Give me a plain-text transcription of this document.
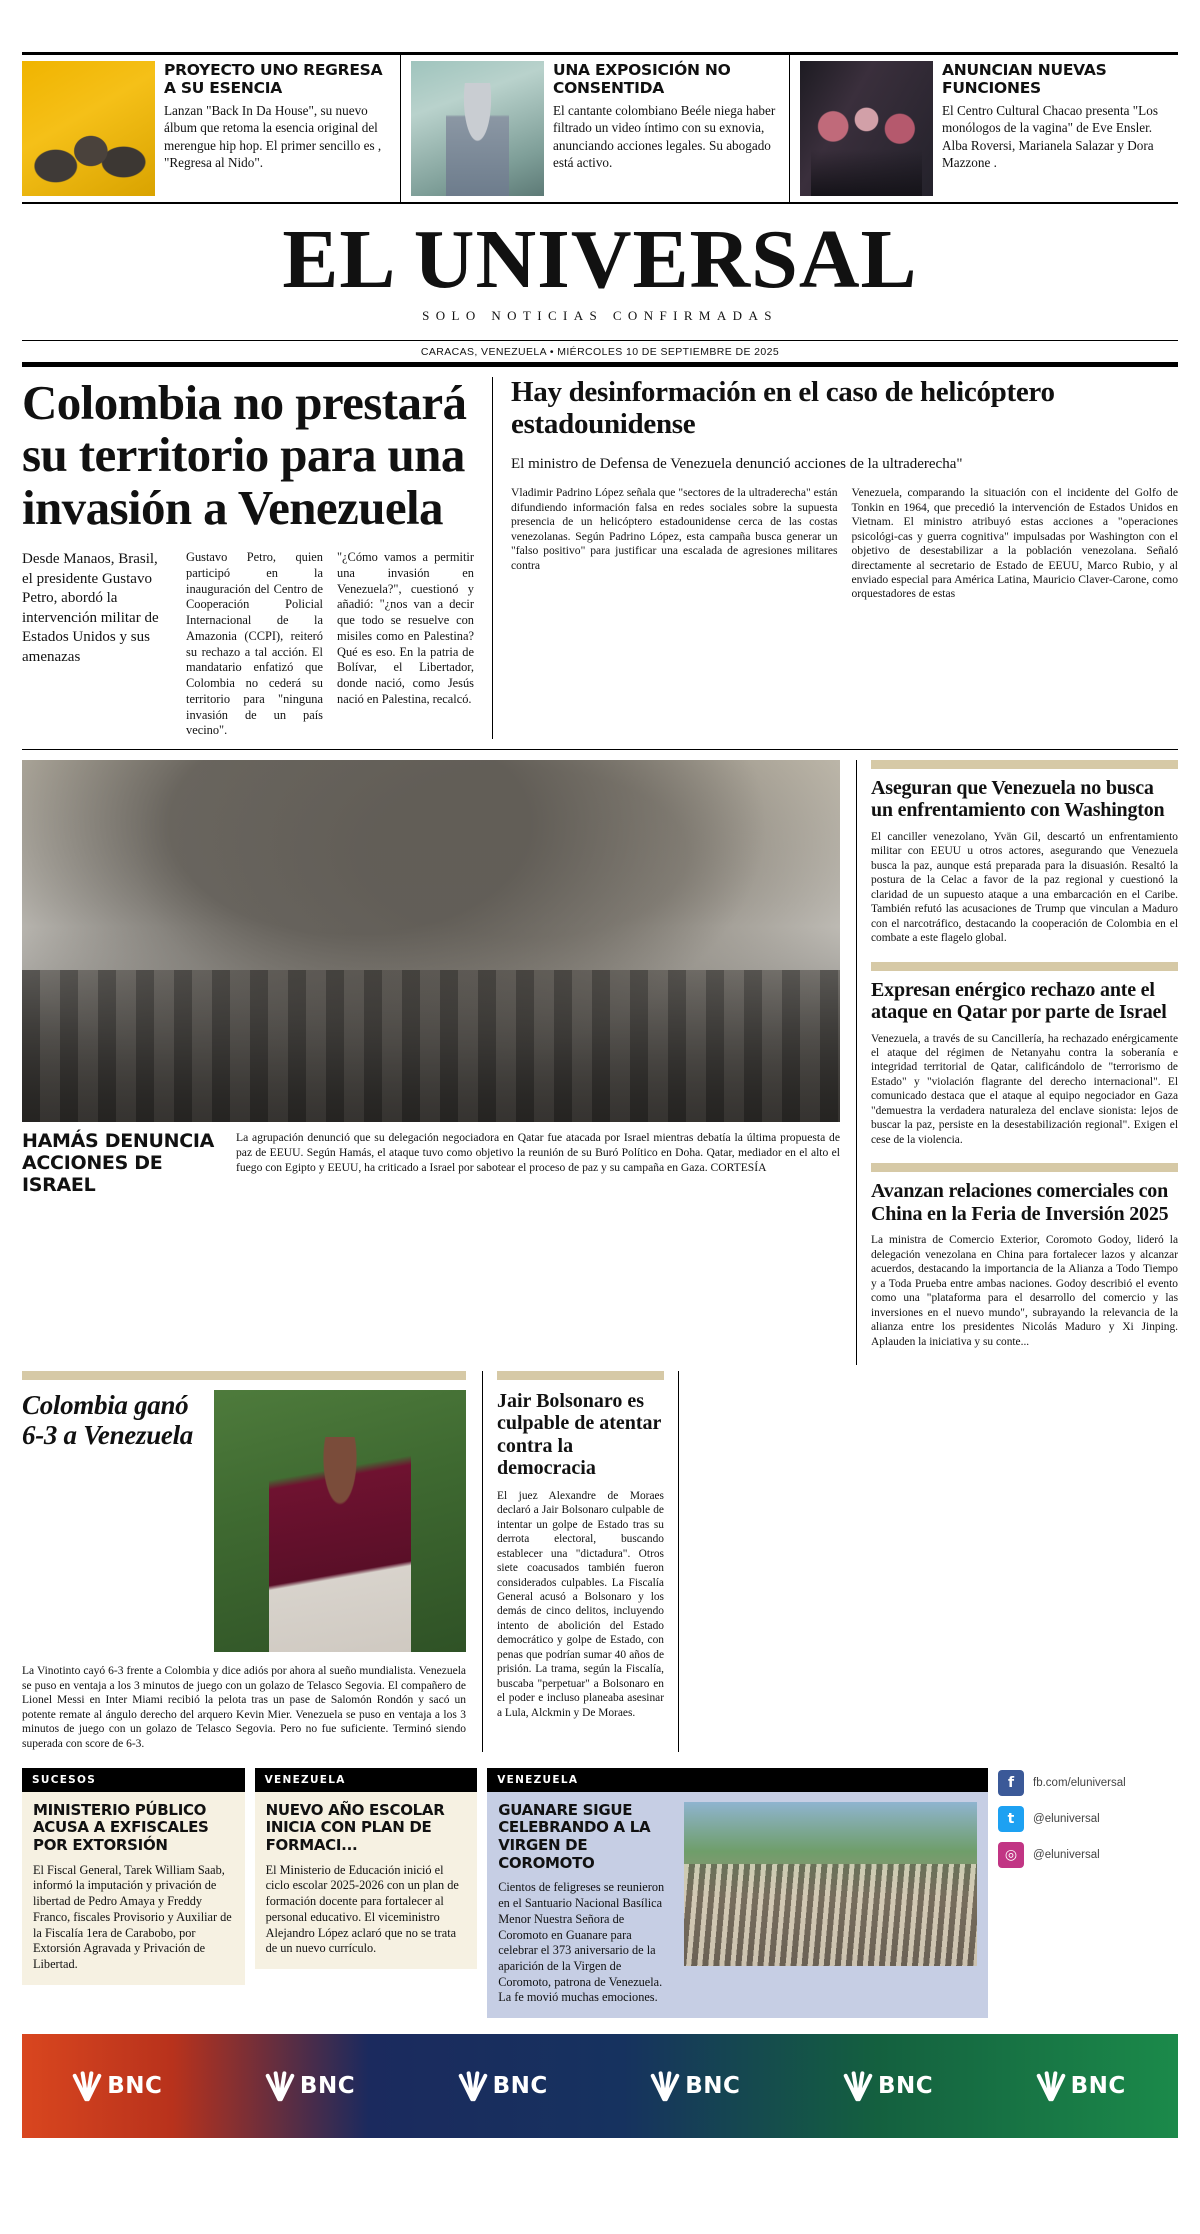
PROYECTO UNO REGRESA A SU ESENCIA
Lanzan "Back In Da House", su nuevo álbum que retoma la esencia original del merengue hip hop. El primer sencillo es , "Regresa al Nido".
UNA EXPOSICIÓN NO CONSENTIDA
El cantante colombiano Beéle niega haber filtrado un video íntimo con su exnovia, anunciando acciones legales. Su abogado está activo.
ANUNCIAN NUEVAS FUNCIONES
El Centro Cultural Chacao presenta "Los monólogos de la vagina" de Eve Ensler. Alba Roversi, Marianela Salazar y Dora Mazzone .
EL UNIVERSAL
SOLO NOTICIAS CONFIRMADAS
CARACAS, VENEZUELA • MIÉRCOLES 10 DE SEPTIEMBRE DE 2025
Colombia no prestará su territorio para una invasión a Venezuela
Desde Manaos, Brasil, el presidente Gustavo Petro, abordó la intervención militar de Estados Unidos y sus amenazas
Gustavo Petro, quien participó en la inauguración del Centro de Cooperación Policial Internacional de la Amazonia (CCPI), reiteró su rechazo a tal acción. El mandatario enfatizó que Colombia no cederá su territorio para "ninguna invasión de un país vecino".
"¿Cómo vamos a permitir una invasión en Venezuela?", cuestionó y añadió: "¿nos van a decir que todo se resuelve con misiles como en Palestina? Qué es eso. En la patria de Bolívar, el Libertador, donde nació, como Jesús nació en Palestina, recalcó.
Hay desinformación en el caso de helicóptero estadounidense
El ministro de Defensa de Venezuela denunció acciones de la ultraderecha"
Vladimir Padrino López señala que "sectores de la ultraderecha" están difundiendo información falsa en redes sociales sobre la supuesta presencia de un helicóptero estadounidense cerca de las costas venezolanas. Según Padrino López, esta campaña busca generar un "falso positivo" para justificar una escalada de agresiones militares contra
Venezuela, comparando la situación con el incidente del Golfo de Tonkin en 1964, que precedió la intervención de Estados Unidos en Vietnam. El ministro atribuyó estas acciones a "operaciones psicológi-cas y guerra cognitiva" impulsadas por Washington con el objetivo de desestabilizar a la población venezolana. Señaló directamente al secretario de Estado de EEUU, Marco Rubio, y al enviado especial para América Latina, Mauricio Claver-Carone, como orquestadores de estas
HAMÁS DENUNCIA ACCIONES DE ISRAEL
La agrupación denunció que su delegación negociadora en Qatar fue atacada por Israel mientras debatía la última propuesta de paz de EEUU. Según Hamás, el ataque tuvo como objetivo la reunión de su Buró Político en Doha. Qatar, mediador en el alto el fuego con Egipto y EEUU, ha criticado a Israel por sabotear el proceso de paz y su campaña en Gaza. CORTESÍA
Aseguran que Venezuela no busca un enfrentamiento con Washington
El canciller venezolano, Yvän Gil, descartó un enfrentamiento militar con EEUU u otros actores, asegurando que Venezuela busca la paz, aunque está preparada para la disuasión. Resaltó la postura de la Celac a favor de la paz regional y cuestionó la claridad de un supuesto ataque a una embarcación en el Caribe. También refutó las acusaciones de Trump que vinculan a Maduro con el narcotráfico, destacando la cooperación de Colombia en el combate a este flagelo global.
Expresan enérgico rechazo ante el ataque en Qatar por parte de Israel
Venezuela, a través de su Cancillería, ha rechazado enérgicamente el ataque del régimen de Netanyahu contra la soberanía e integridad territorial de Qatar, calificándolo de "terrorismo de Estado" y "violación flagrante del derecho internacional". El comunicado destaca que el ataque al equipo negociador en Gaza "demuestra la verdadera naturaleza del enclave sionista: lejos de buscar la paz, persiste en la desestabilización regional". Exigen el cese de la violencia.
Avanzan relaciones comerciales con China en la Feria de Inversión 2025
La ministra de Comercio Exterior, Coromoto Godoy, lideró la delegación venezolana en China para fortalecer lazos y alcanzar acuerdos, destacando la importancia de la Alianza a Todo Tiempo y a Toda Prueba entre ambas naciones. Godoy describió el evento como una "plataforma para el desarrollo del comercio y las inversiones en el nuevo mundo", subrayando la relevancia de la alianza entre los presidentes Nicolás Maduro y Xi Jinping. Aplauden la iniciativa y su conte...
Colombia ganó 6-3 a Venezuela
La Vinotinto cayó 6-3 frente a Colombia y dice adiós por ahora al sueño mundialista. Venezuela se puso en ventaja a los 3 minutos de juego con un golazo de Telasco Segovia. El compañero de Lionel Messi en Inter Miami recibió la pelota tras un pase de Salomón Rondón y sacó un potente remate al ángulo derecho del arquero Kevin Mier. Venezuela se puso en ventaja a los 3 minutos de juego con un golazo de Telasco Segovia. Pero no fue suficiente. Terminó siendo superada con score de 6-3.
Jair Bolsonaro es culpable de atentar contra la democracia
El juez Alexandre de Moraes declaró a Jair Bolsonaro culpable de intentar un golpe de Estado tras su derrota electoral, buscando establecer una "dictadura". Otros siete coacusados también fueron considerados culpables. La Fiscalía General acusó a Bolsonaro y los demás de cinco delitos, incluyendo intento de abolición del Estado democrático y golpe de Estado, con penas que podrían sumar 40 años de prisión. La trama, según la Fiscalía, buscaba "perpetuar" a Bolsonaro en el poder e incluso planeaba asesinar a Lula, Alckmin y De Moraes.
SUCESOS
MINISTERIO PÚBLICO ACUSA A EXFISCALES POR EXTORSIÓN
El Fiscal General, Tarek William Saab, informó la imputación y privación de libertad de Pedro Amaya y Freddy Franco, fiscales Provisorio y Auxiliar de la Fiscalía 1era de Carabobo, por Extorsión Agravada y Privación de Libertad.
VENEZUELA
NUEVO AÑO ESCOLAR INICIA CON PLAN DE FORMACI...
El Ministerio de Educación inició el ciclo escolar 2025-2026 con un plan de formación docente para fortalecer al personal educativo. El viceministro Alejandro López aclaró que no se trata de un nuevo currículo.
VENEZUELA
GUANARE SIGUE CELEBRANDO A LA VIRGEN DE COROMOTO
Cientos de feligreses se reunieron en el Santuario Nacional Basílica Menor Nuestra Señora de Coromoto en Guanare para celebrar el 373 aniversario de la aparición de la Virgen de Coromoto, patrona de Venezuela. La fe movió muchas emociones.
f	fb.com/eluniversal
t	@eluniversal
◎	@eluniversal
BNC	BNC	BNC	BNC	BNC	BNC
